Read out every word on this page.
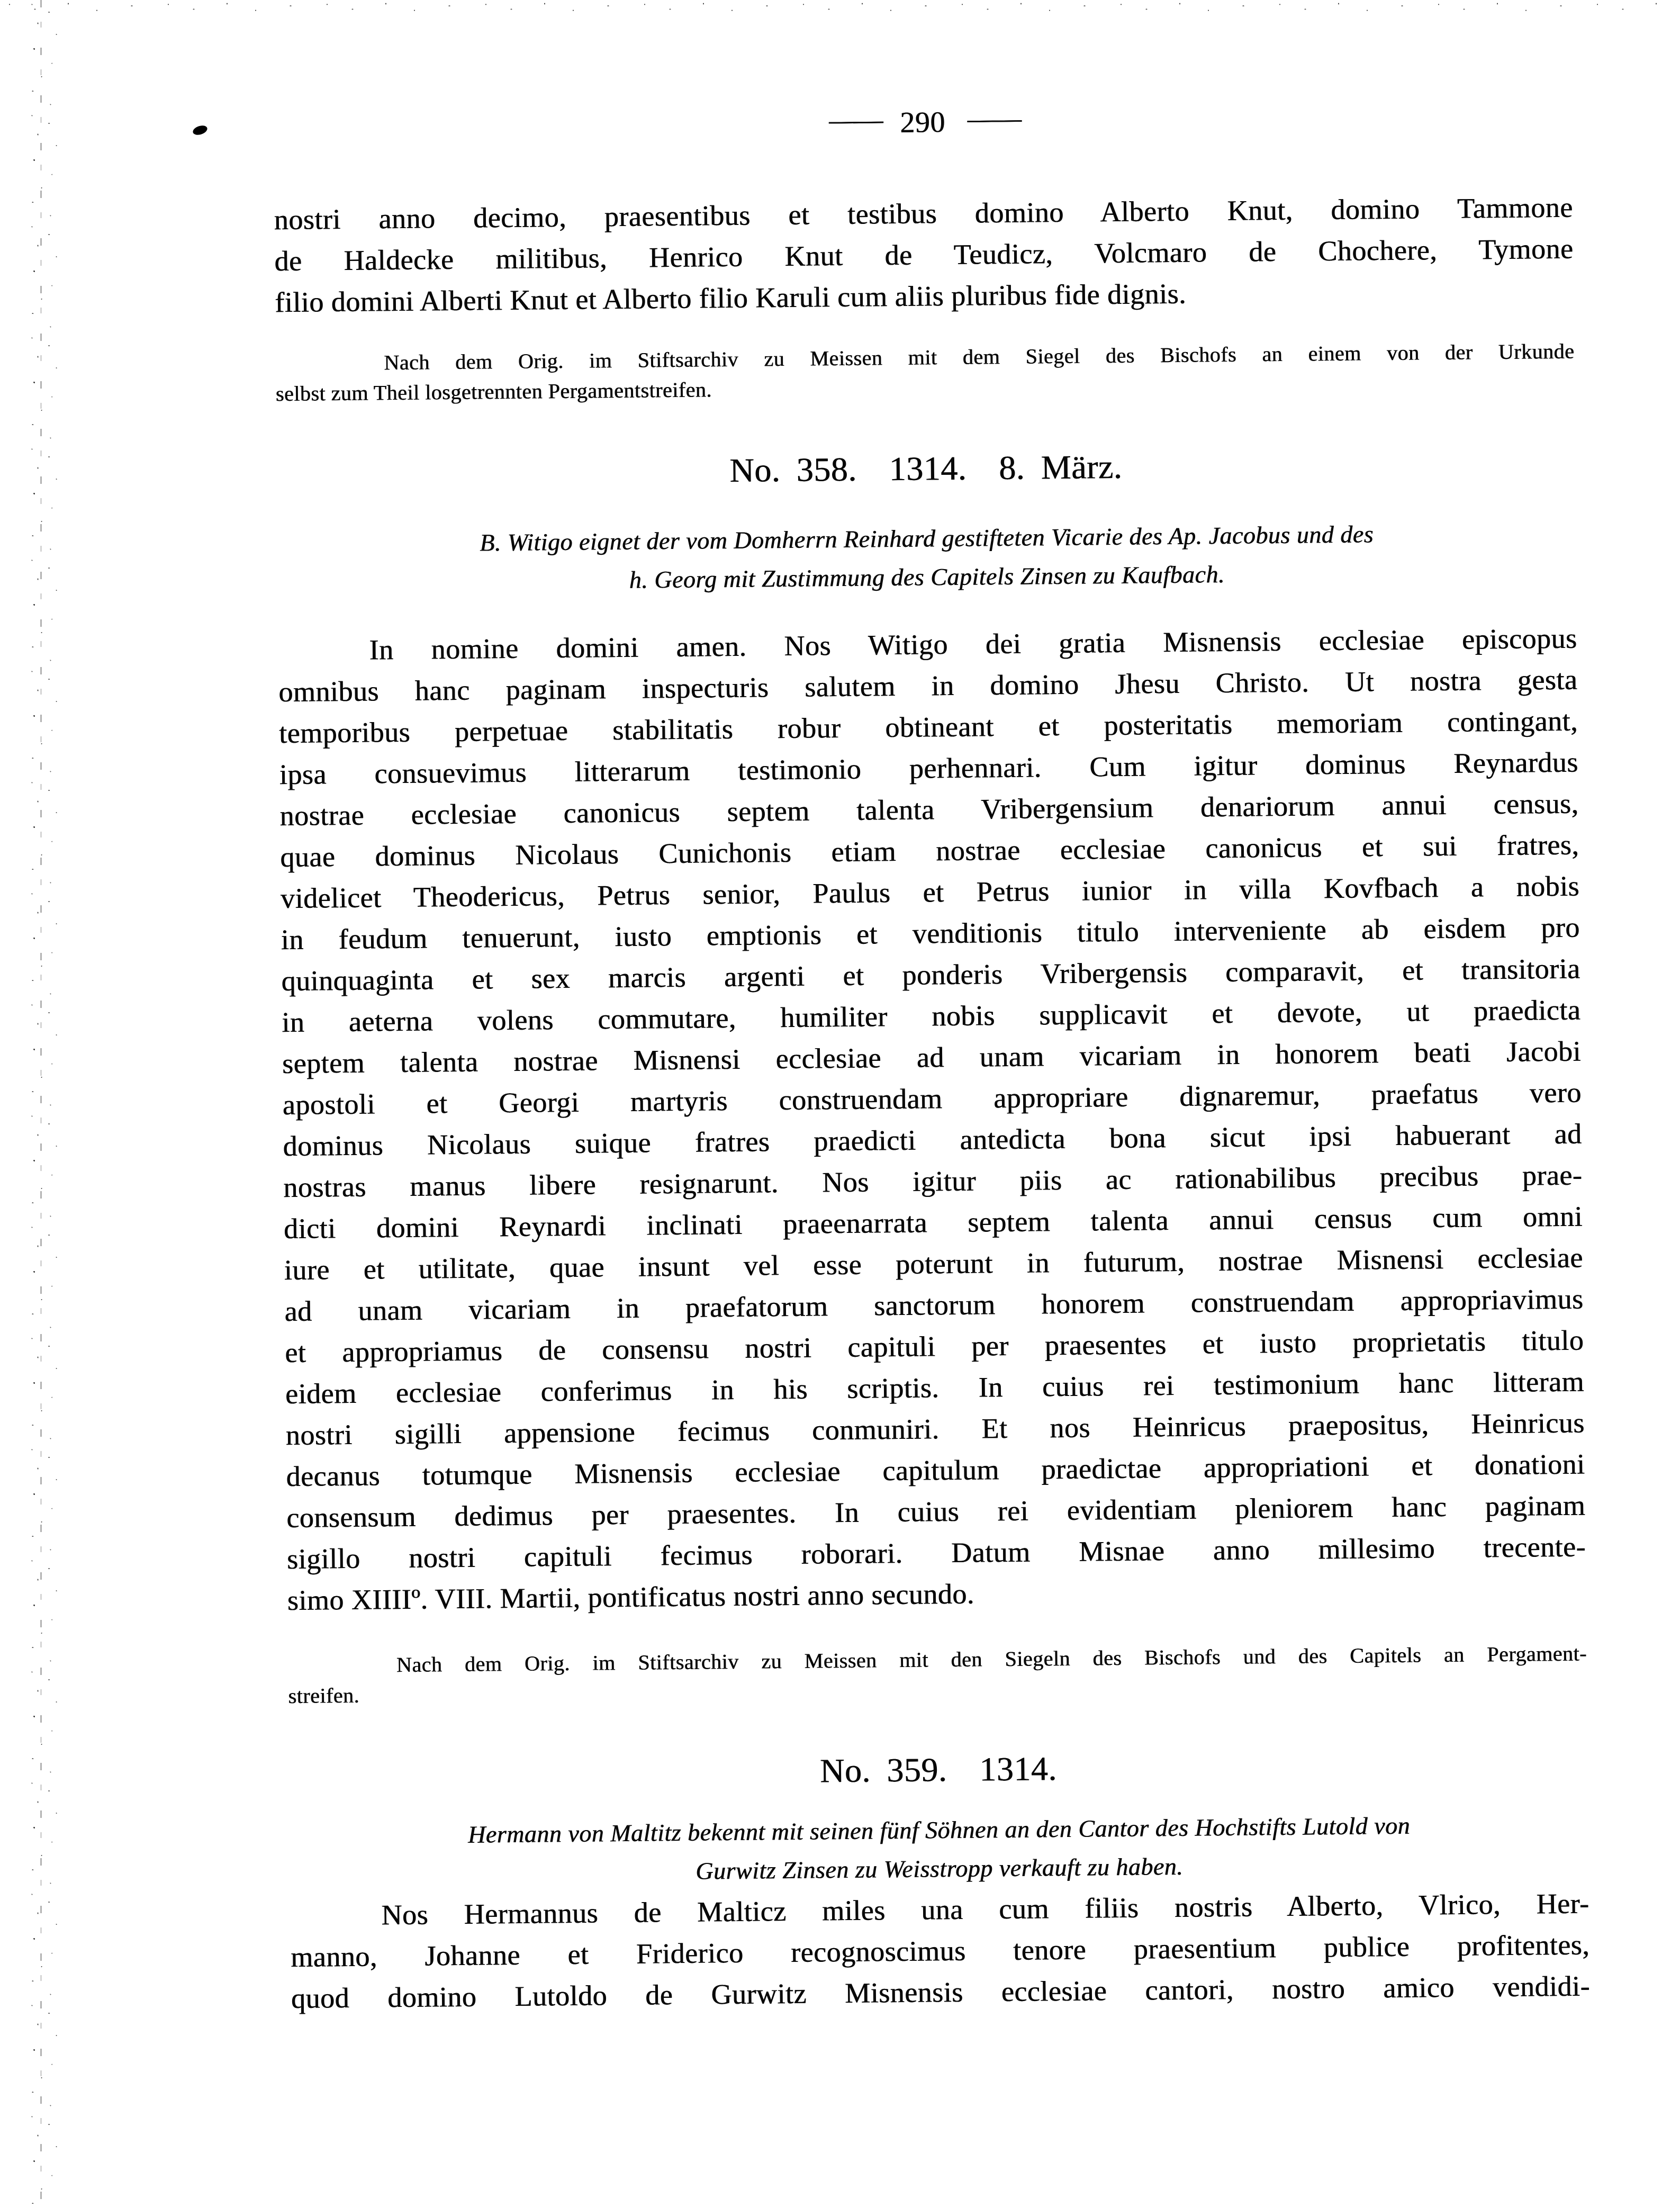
—— 290 ——
nostri anno decimo, praesentibus et testibus domino Alberto Knut, domino Tammone
de Haldecke militibus, Henrico Knut de Teudicz, Volcmaro de Chochere, Tymone
filio domini Alberti Knut et Alberto filio Karuli cum aliis pluribus fide dignis.
Nach dem Orig. im Stiftsarchiv zu Meissen mit dem Siegel des Bischofs an einem von der Urkunde
selbst zum Theil losgetrennten Pergamentstreifen.
No. 358.  1314.  8. März.
B. Witigo eignet der vom Domherrn Reinhard gestifteten Vicarie des Ap. Jacobus und des
h. Georg mit Zustimmung des Capitels Zinsen zu Kaufbach.
In nomine domini amen. Nos Witigo dei gratia Misnensis ecclesiae episcopus
omnibus hanc paginam inspecturis salutem in domino Jhesu Christo. Ut nostra gesta
temporibus perpetuae stabilitatis robur obtineant et posteritatis memoriam contingant,
ipsa consuevimus litterarum testimonio perhennari. Cum igitur dominus Reynardus
nostrae ecclesiae canonicus septem talenta Vribergensium denariorum annui census,
quae dominus Nicolaus Cunichonis etiam nostrae ecclesiae canonicus et sui fratres,
videlicet Theodericus, Petrus senior, Paulus et Petrus iunior in villa Kovfbach a nobis
in feudum tenuerunt, iusto emptionis et venditionis titulo interveniente ab eisdem pro
quinquaginta et sex marcis argenti et ponderis Vribergensis comparavit, et transitoria
in aeterna volens commutare, humiliter nobis supplicavit et devote, ut praedicta
septem talenta nostrae Misnensi ecclesiae ad unam vicariam in honorem beati Jacobi
apostoli et Georgi martyris construendam appropriare dignaremur, praefatus vero
dominus Nicolaus suique fratres praedicti antedicta bona sicut ipsi habuerant ad
nostras manus libere resignarunt. Nos igitur piis ac rationabilibus precibus prae-
dicti domini Reynardi inclinati praeenarrata septem talenta annui census cum omni
iure et utilitate, quae insunt vel esse poterunt in futurum, nostrae Misnensi ecclesiae
ad unam vicariam in praefatorum sanctorum honorem construendam appropriavimus
et appropriamus de consensu nostri capituli per praesentes et iusto proprietatis titulo
eidem ecclesiae conferimus in his scriptis. In cuius rei testimonium hanc litteram
nostri sigilli appensione fecimus conmuniri. Et nos Heinricus praepositus, Heinricus
decanus totumque Misnensis ecclesiae capitulum praedictae appropriationi et donationi
consensum dedimus per praesentes. In cuius rei evidentiam pleniorem hanc paginam
sigillo nostri capituli fecimus roborari. Datum Misnae anno millesimo trecente-
simo XIIIIº. VIII. Martii, pontificatus nostri anno secundo.
Nach dem Orig. im Stiftsarchiv zu Meissen mit den Siegeln des Bischofs und des Capitels an Pergament-
streifen.
No. 359.  1314.
Hermann von Maltitz bekennt mit seinen fünf Söhnen an den Cantor des Hochstifts Lutold von
Gurwitz Zinsen zu Weisstropp verkauft zu haben.
Nos Hermannus de Malticz miles una cum filiis nostris Alberto, Vlrico, Her-
manno, Johanne et Friderico recognoscimus tenore praesentium publice profitentes,
quod domino Lutoldo de Gurwitz Misnensis ecclesiae cantori, nostro amico vendidi-
